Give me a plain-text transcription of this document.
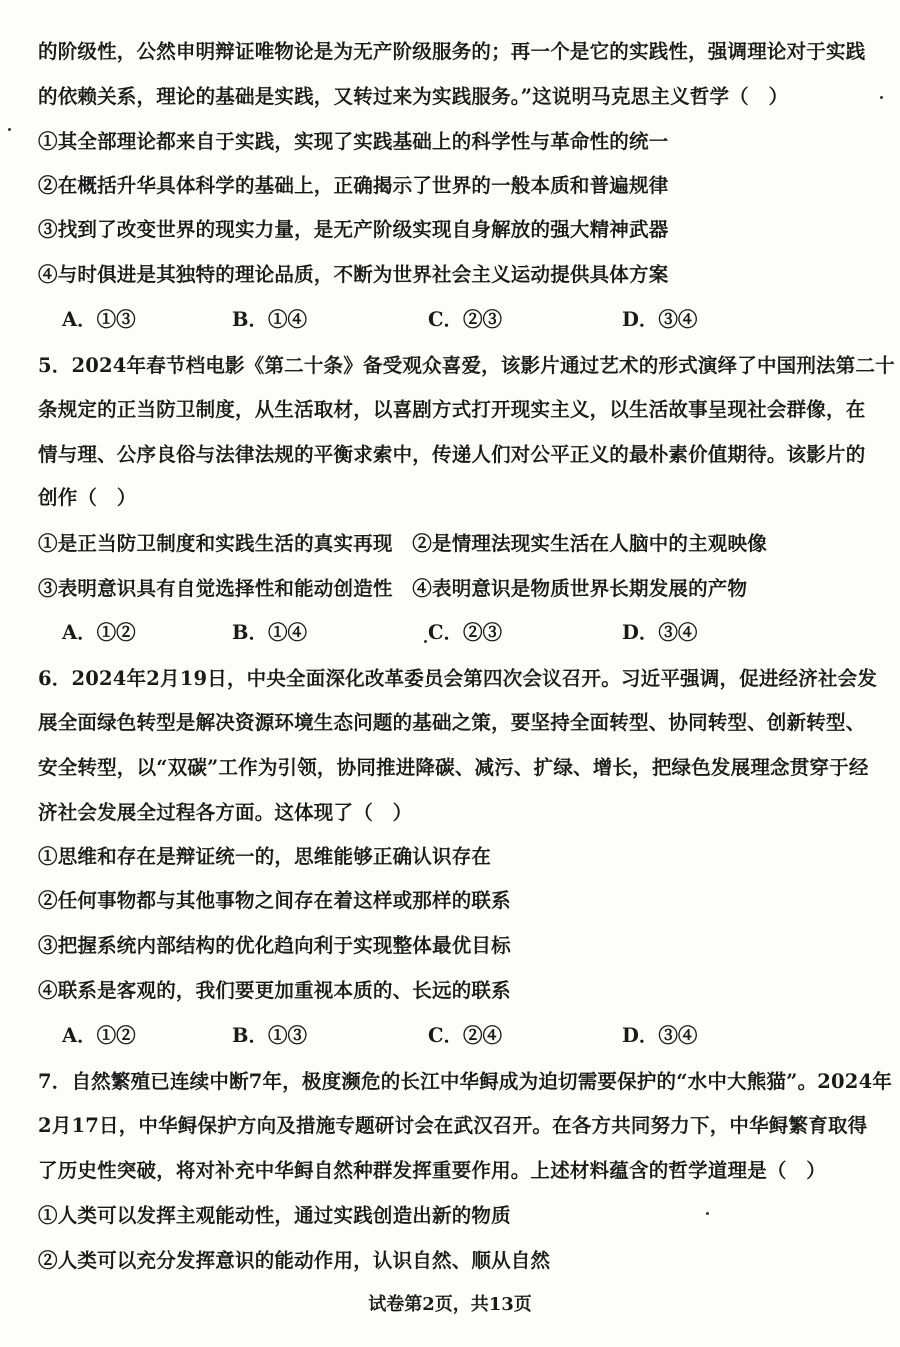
的阶级性，公然申明辩证唯物论是为无产阶级服务的；再一个是它的实践性，强调理论对于实践
的依赖关系，理论的基础是实践，又转过来为实践服务。”这说明马克思主义哲学（　）
①其全部理论都来自于实践，实现了实践基础上的科学性与革命性的统一
②在概括升华具体科学的基础上，正确揭示了世界的一般本质和普遍规律
③找到了改变世界的现实力量，是无产阶级实现自身解放的强大精神武器
④与时俱进是其独特的理论品质，不断为世界社会主义运动提供具体方案
A．①③	B．①④	C．②③	D．③④
5．2024年春节档电影《第二十条》备受观众喜爱，该影片通过艺术的形式演绎了中国刑法第二十
条规定的正当防卫制度，从生活取材，以喜剧方式打开现实主义，以生活故事呈现社会群像，在
情与理、公序良俗与法律法规的平衡求索中，传递人们对公平正义的最朴素价值期待。该影片的
创作（　）
①是正当防卫制度和实践生活的真实再现　②是情理法现实生活在人脑中的主观映像
③表明意识具有自觉选择性和能动创造性　④表明意识是物质世界长期发展的产物
A．①②	B．①④	C．②③	D．③④
6．2024年2月19日，中央全面深化改革委员会第四次会议召开。习近平强调，促进经济社会发
展全面绿色转型是解决资源环境生态问题的基础之策，要坚持全面转型、协同转型、创新转型、
安全转型，以“双碳”工作为引领，协同推进降碳、减污、扩绿、增长，把绿色发展理念贯穿于经
济社会发展全过程各方面。这体现了（　）
①思维和存在是辩证统一的，思维能够正确认识存在
②任何事物都与其他事物之间存在着这样或那样的联系
③把握系统内部结构的优化趋向利于实现整体最优目标
④联系是客观的，我们要更加重视本质的、长远的联系
A．①②	B．①③	C．②④	D．③④
7．自然繁殖已连续中断7年，极度濒危的长江中华鲟成为迫切需要保护的“水中大熊猫”。2024年
2月17日，中华鲟保护方向及措施专题研讨会在武汉召开。在各方共同努力下，中华鲟繁育取得
了历史性突破，将对补充中华鲟自然种群发挥重要作用。上述材料蕴含的哲学道理是（　）
①人类可以发挥主观能动性，通过实践创造出新的物质
②人类可以充分发挥意识的能动作用，认识自然、顺从自然
试卷第2页，共13页
